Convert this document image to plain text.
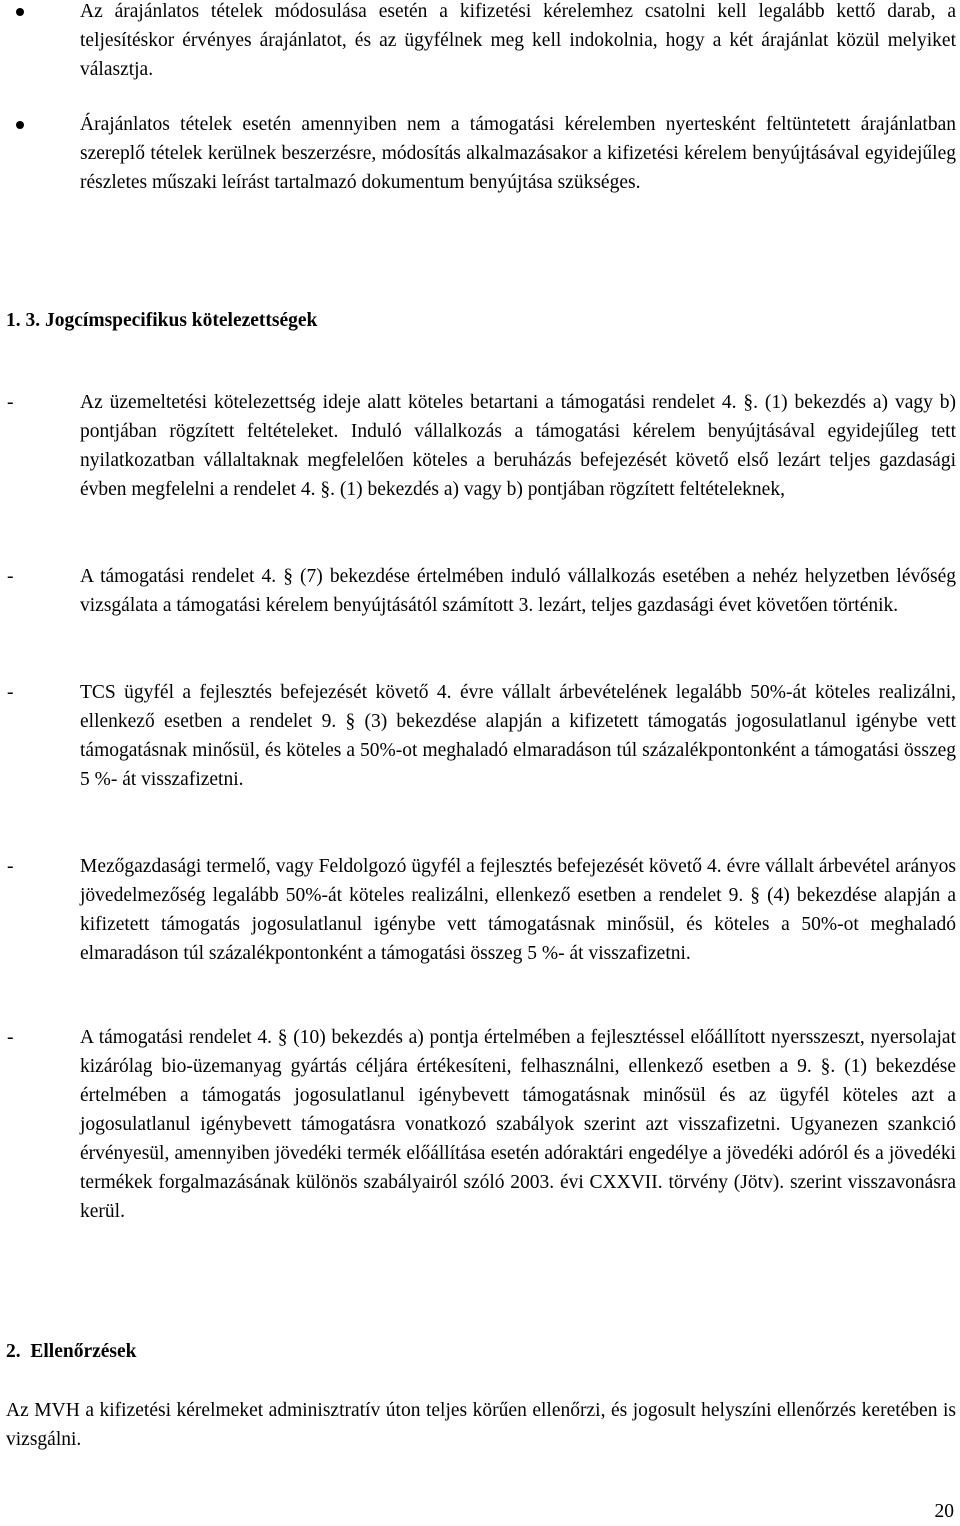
Az árajánlatos tételek módosulása esetén a kifizetési kérelemhez csatolni kell legalább kettő darab, a teljesítéskor érvényes árajánlatot, és az ügyfélnek meg kell indokolnia, hogy a két árajánlat közül melyiket választja.
Árajánlatos tételek esetén amennyiben nem a támogatási kérelemben nyertesként feltüntetett árajánlatban szereplő tételek kerülnek beszerzésre, módosítás alkalmazásakor a kifizetési kérelem benyújtásával egyidejűleg részletes műszaki leírást tartalmazó dokumentum benyújtása szükséges.
1. 3. Jogcímspecifikus kötelezettségek
-	Az üzemeltetési kötelezettség ideje alatt köteles betartani a támogatási rendelet 4. §. (1) bekezdés a) vagy b) pontjában rögzített feltételeket. Induló vállalkozás a támogatási kérelem benyújtásával egyidejűleg tett nyilatkozatban vállaltaknak megfelelően köteles a beruházás befejezését követő első lezárt teljes gazdasági évben megfelelni a rendelet 4. §. (1) bekezdés a) vagy b) pontjában rögzített feltételeknek,
-	A támogatási rendelet 4. § (7) bekezdése értelmében induló vállalkozás esetében a nehéz helyzetben lévőség vizsgálata a támogatási kérelem benyújtásától számított 3. lezárt, teljes gazdasági évet követően történik.
-	TCS ügyfél a fejlesztés befejezését követő 4. évre vállalt árbevételének legalább 50%-át köteles realizálni, ellenkező esetben a rendelet 9. § (3) bekezdése alapján a kifizetett támogatás jogosulatlanul igénybe vett támogatásnak minősül, és köteles a 50%-ot meghaladó elmaradáson túl százalékpontonként a támogatási összeg 5 %- át visszafizetni.
-	Mezőgazdasági termelő, vagy Feldolgozó ügyfél a fejlesztés befejezését követő 4. évre vállalt árbevétel arányos jövedelmezőség legalább 50%-át köteles realizálni, ellenkező esetben a rendelet 9. § (4) bekezdése alapján a kifizetett támogatás jogosulatlanul igénybe vett támogatásnak minősül, és köteles a 50%-ot meghaladó elmaradáson túl százalékpontonként a támogatási összeg 5 %- át visszafizetni.
-	A támogatási rendelet 4. § (10) bekezdés a) pontja értelmében a fejlesztéssel előállított nyersszeszt, nyersolajat kizárólag bio-üzemanyag gyártás céljára értékesíteni, felhasználni, ellenkező esetben a 9. §. (1) bekezdése értelmében a támogatás jogosulatlanul igénybevett támogatásnak minősül és az ügyfél köteles azt a jogosulatlanul igénybevett támogatásra vonatkozó szabályok szerint azt visszafizetni. Ugyanezen szankció érvényesül, amennyiben jövedéki termék előállítása esetén adóraktári engedélye a jövedéki adóról és a jövedéki termékek forgalmazásának különös szabályairól szóló 2003. évi CXXVII. törvény (Jötv). szerint visszavonásra kerül.
2.  Ellenőrzések
Az MVH a kifizetési kérelmeket adminisztratív úton teljes körűen ellenőrzi, és jogosult helyszíni ellenőrzés keretében is vizsgálni.
20
